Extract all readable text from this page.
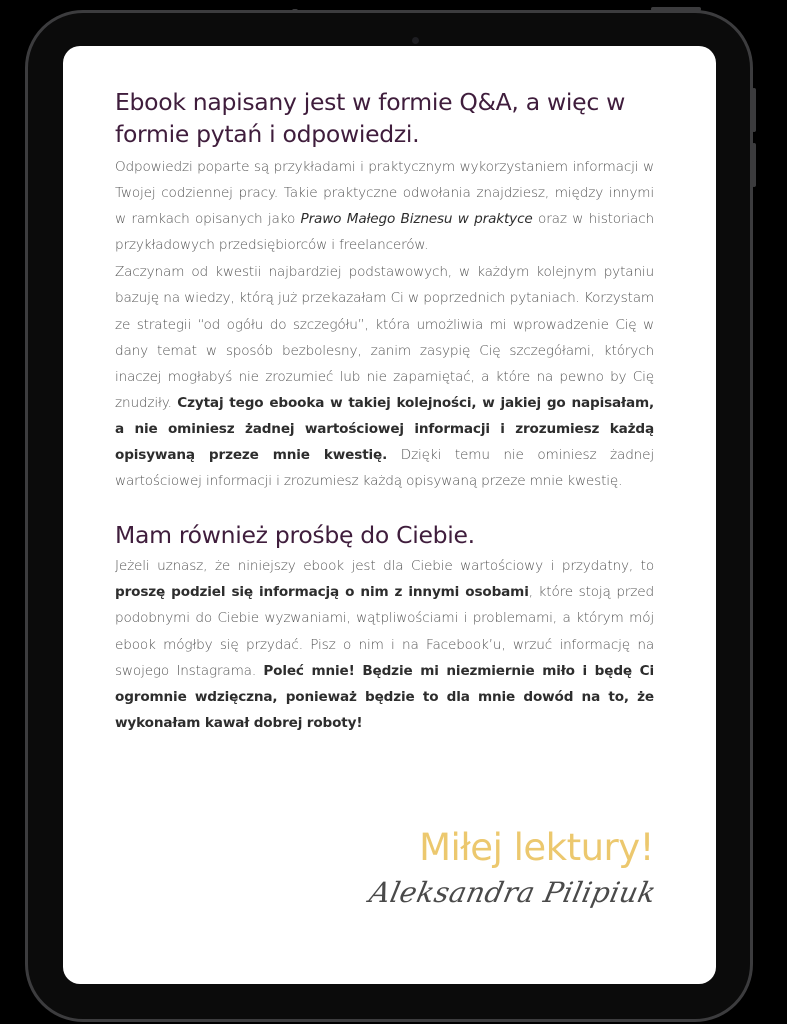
Ebook napisany jest w formie Q&A, a więc w formie pytań i odpowiedzi.

Odpowiedzi poparte są przykładami i praktycznym wykorzystaniem informacji w Twojej codziennej pracy. Takie praktyczne odwołania znajdziesz, między innymi w ramkach opisanych jako Prawo Małego Biznesu w praktyce oraz w historiach przykładowych przedsiębiorców i freelancerów.

Zaczynam od kwestii najbardziej podstawowych, w każdym kolejnym pytaniu bazuję na wiedzy, którą już przekazałam Ci w poprzednich pytaniach. Korzystam ze strategii “od ogółu do szczegółu”, która umożliwia mi wprowadzenie Cię w dany temat w sposób bezbolesny, zanim zasypię Cię szczegółami, których inaczej mogłabyś nie zrozumieć lub nie zapamiętać, a które na pewno by Cię znudziły. Czytaj tego ebooka w takiej kolejności, w jakiej go napisałam, a nie ominiesz żadnej wartościowej informacji i zrozumiesz każdą opisywaną przeze mnie kwestię. Dzięki temu nie ominiesz żadnej wartościowej informacji i zrozumiesz każdą opisywaną przeze mnie kwestię.

Mam również prośbę do Ciebie.

Jeżeli uznasz, że niniejszy ebook jest dla Ciebie wartościowy i przydatny, to proszę podziel się informacją o nim z innymi osobami, które stoją przed podobnymi do Ciebie wyzwaniami, wątpliwościami i problemami, a którym mój ebook mógłby się przydać. Pisz o nim i na Facebook’u, wrzuć informację na swojego Instagrama. Poleć mnie! Będzie mi niezmiernie miło i będę Ci ogromnie wdzięczna, ponieważ będzie to dla mnie dowód na to, że wykonałam kawał dobrej roboty!

Miłej lektury!
Aleksandra Pilipiuk
